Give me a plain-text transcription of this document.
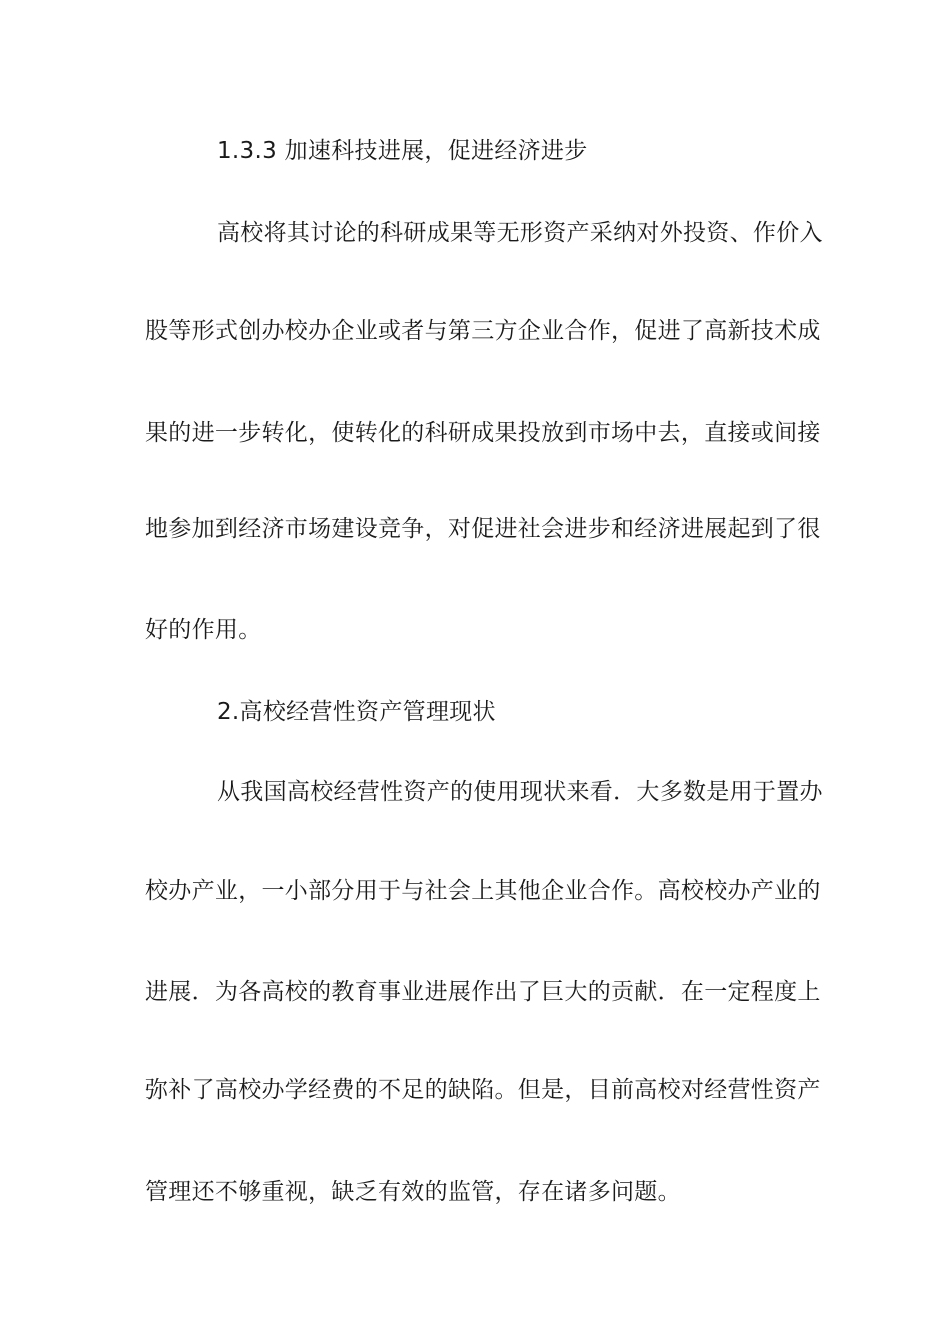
1.3.3 加速科技进展，促进经济进步
高校将其讨论的科研成果等无形资产采纳对外投资、作价入
股等形式创办校办企业或者与第三方企业合作，促进了高新技术成
果的进一步转化，使转化的科研成果投放到市场中去，直接或间接
地参加到经济市场建设竞争，对促进社会进步和经济进展起到了很
好的作用。
2.高校经营性资产管理现状
从我国高校经营性资产的使用现状来看．大多数是用于置办
校办产业，一小部分用于与社会上其他企业合作。高校校办产业的
进展．为各高校的教育事业进展作出了巨大的贡献．在一定程度上
弥补了高校办学经费的不足的缺陷。但是，目前高校对经营性资产
管理还不够重视，缺乏有效的监管，存在诸多问题。
